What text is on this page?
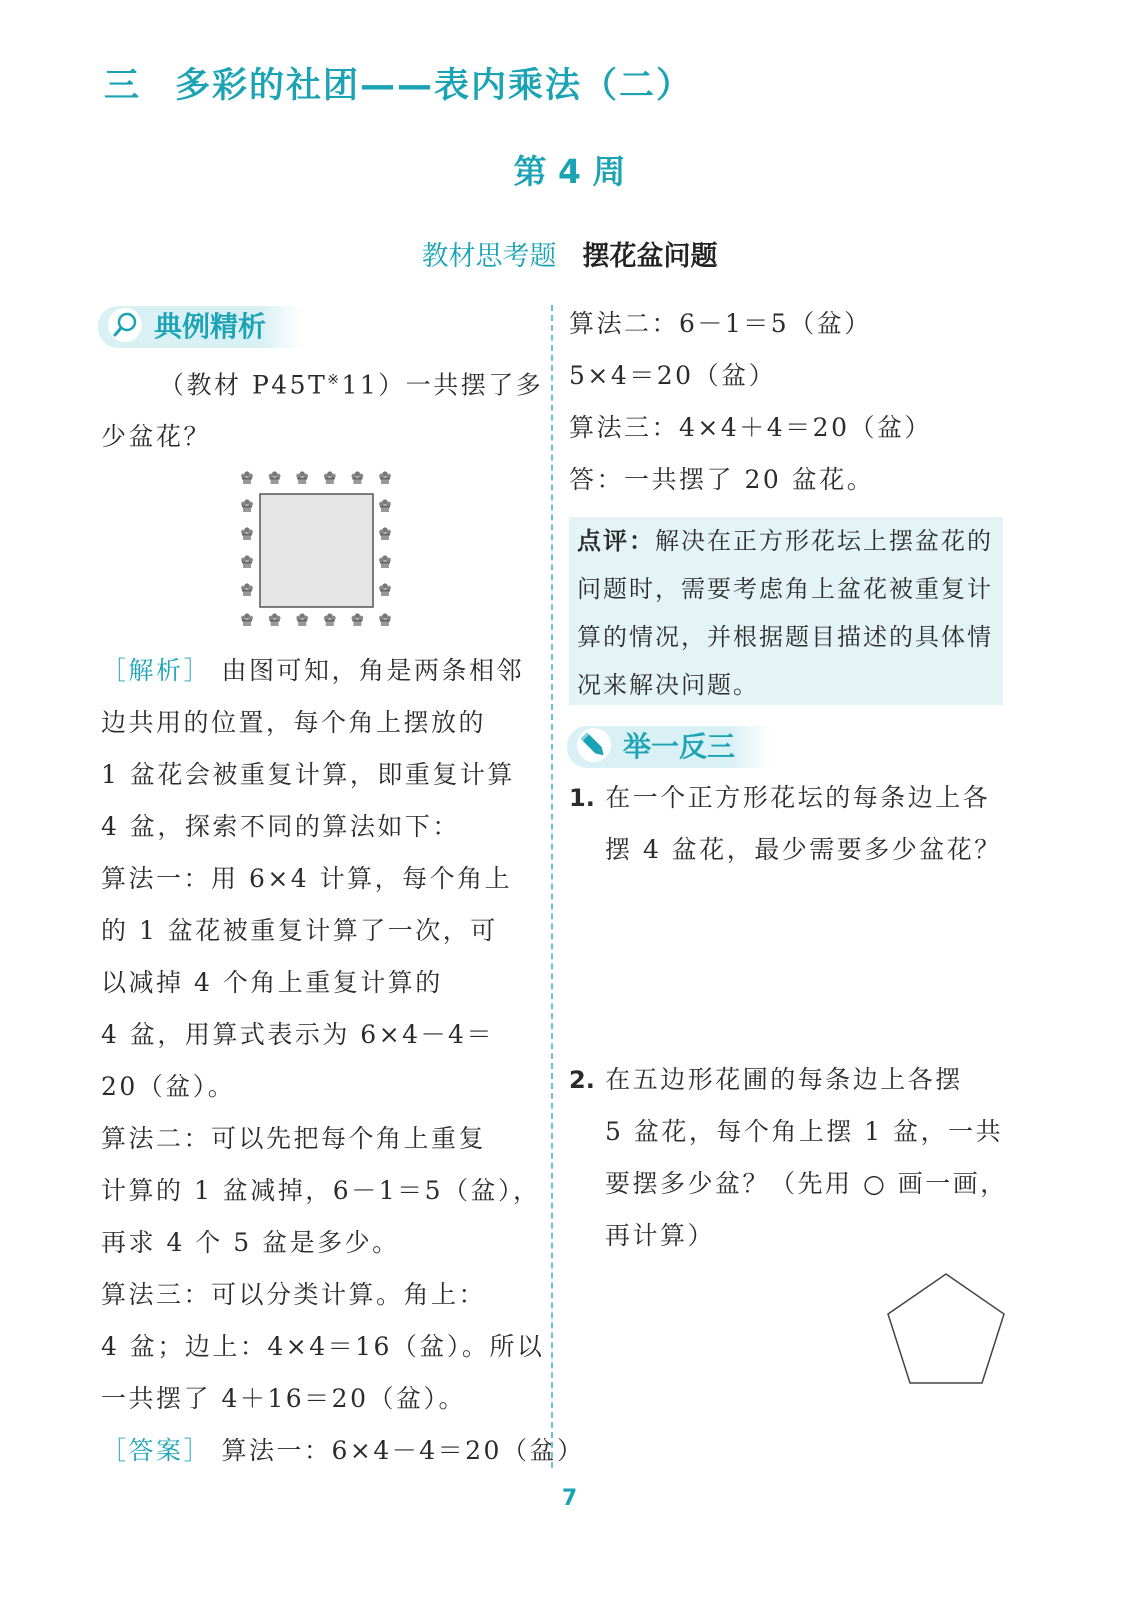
三 多彩的社团——表内乘法（二）
第 4 周
教材思考题 摆花盆问题
典例精析
（教材 P45T※11）一共摆了多
少盆花？
［解析］ 由图可知，角是两条相邻
边共用的位置，每个角上摆放的
1 盆花会被重复计算，即重复计算
4 盆，探索不同的算法如下：
算法一：用 6×4 计算，每个角上
的 1 盆花被重复计算了一次，可
以减掉 4 个角上重复计算的
4 盆，用算式表示为 6×4－4＝
20（盆）。
算法二：可以先把每个角上重复
计算的 1 盆减掉，6－1＝5（盆），
再求 4 个 5 盆是多少。
算法三：可以分类计算。角上：
4 盆；边上：4×4＝16（盆）。所以
一共摆了 4＋16＝20（盆）。
［答案］ 算法一：6×4－4＝20（盆）
算法二：6－1＝5（盆）
5×4＝20（盆）
算法三：4×4＋4＝20（盆）
答：一共摆了 20 盆花。
点评：解决在正方形花坛上摆盆花的
问题时，需要考虑角上盆花被重复计
算的情况，并根据题目描述的具体情
况来解决问题。
举一反三
1. 在一个正方形花坛的每条边上各
摆 4 盆花，最少需要多少盆花？
2. 在五边形花圃的每条边上各摆
5 盆花，每个角上摆 1 盆，一共
要摆多少盆？（先用 ○ 画一画，
再计算）
7
